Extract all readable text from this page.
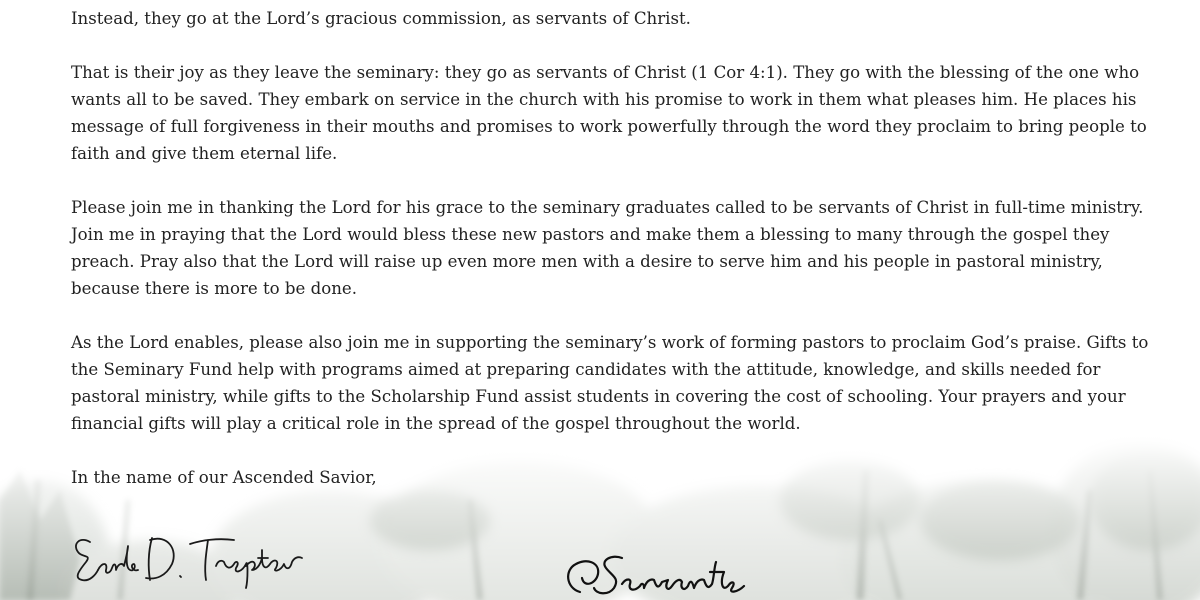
Instead, they go at the Lord’s gracious commission, as servants of Christ.

That is their joy as they leave the seminary: they go as servants of Christ (1 Cor 4:1). They go with the blessing of the one who wants all to be saved. They embark on service in the church with his promise to work in them what pleases him. He places his message of full forgiveness in their mouths and promises to work powerfully through the word they proclaim to bring people to faith and give them eternal life.

Please join me in thanking the Lord for his grace to the seminary graduates called to be servants of Christ in full-time ministry. Join me in praying that the Lord would bless these new pastors and make them a blessing to many through the gospel they preach. Pray also that the Lord will raise up even more men with a desire to serve him and his people in pastoral ministry, because there is more to be done.

As the Lord enables, please also join me in supporting the seminary’s work of forming pastors to proclaim God’s praise. Gifts to the Seminary Fund help with programs aimed at preparing candidates with the attitude, knowledge, and skills needed for pastoral ministry, while gifts to the Scholarship Fund assist students in covering the cost of schooling. Your prayers and your financial gifts will play a critical role in the spread of the gospel throughout the world.

In the name of our Ascended Savior,
